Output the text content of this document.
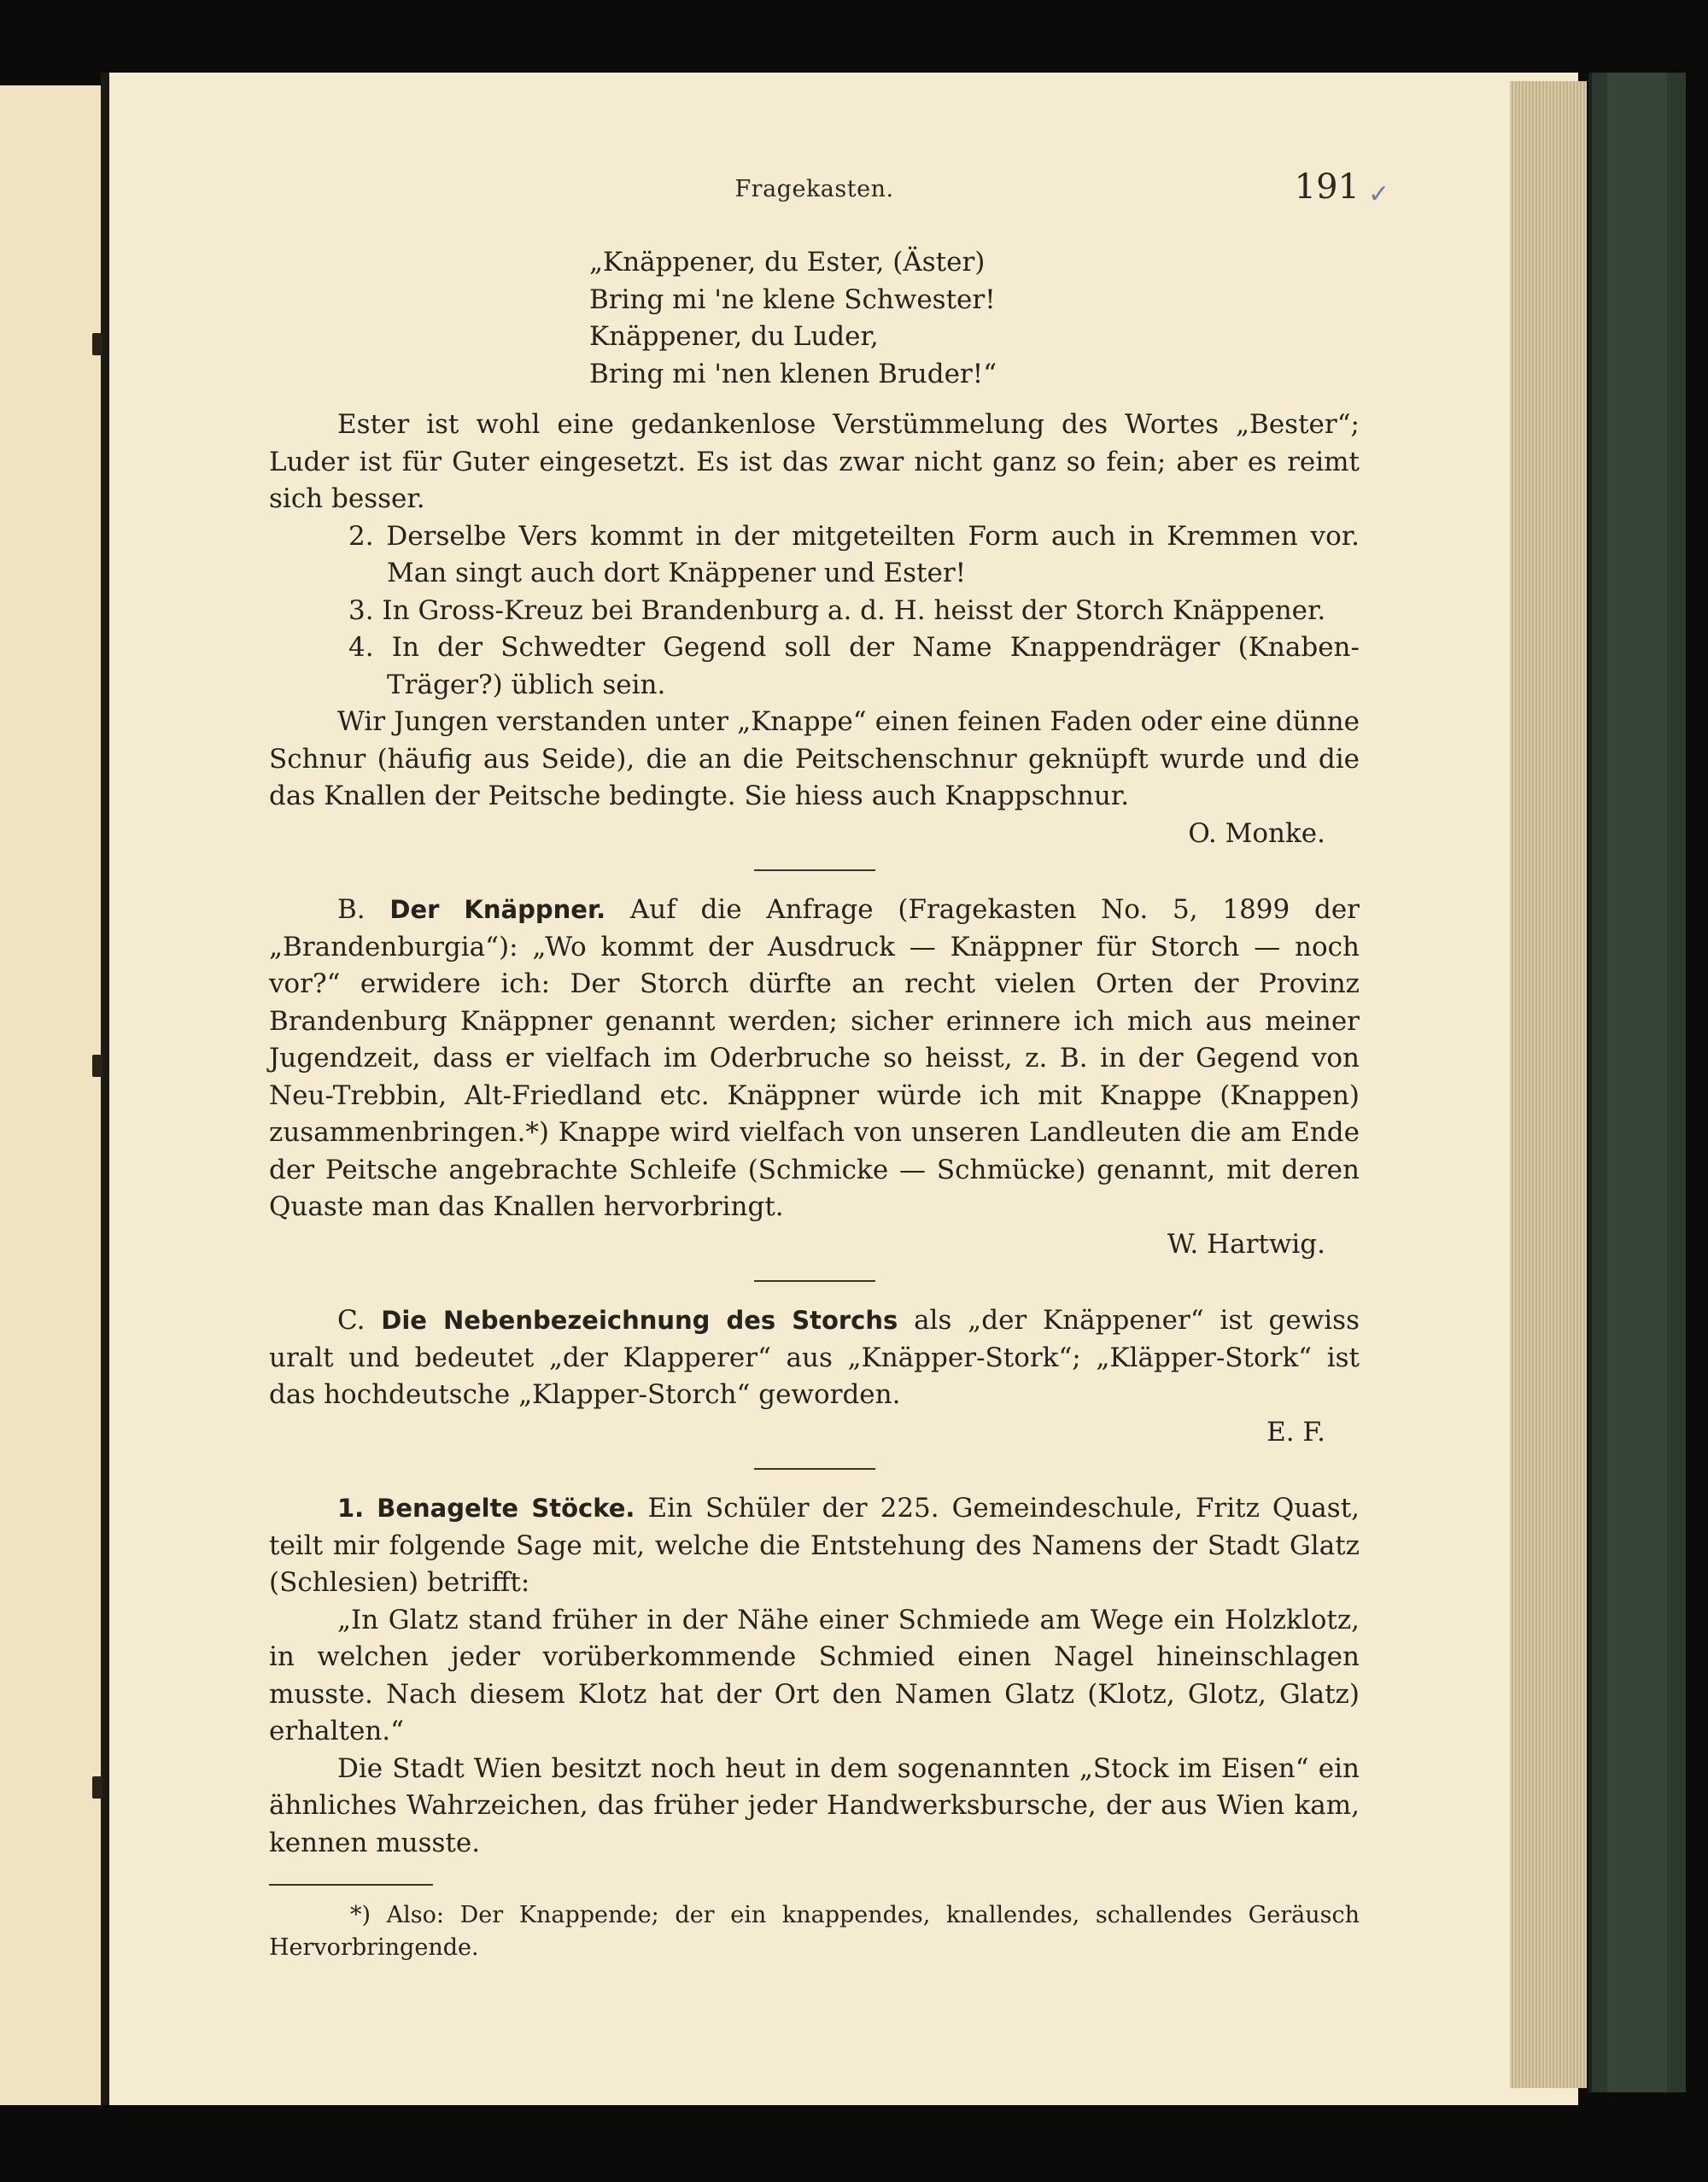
Fragekasten.	191 ✓
„Knäppener, du Ester, (Äster)
Bring mi 'ne klene Schwester!
Knäppener, du Luder,
Bring mi 'nen klenen Bruder!“

Ester ist wohl eine gedankenlose Verstümmelung des Wortes „Bester“; Luder ist für Guter eingesetzt. Es ist das zwar nicht ganz so fein; aber es reimt sich besser.

2. Derselbe Vers kommt in der mitgeteilten Form auch in Kremmen vor. Man singt auch dort Knäppener und Ester!

3. In Gross-Kreuz bei Brandenburg a. d. H. heisst der Storch Knäppener.

4. In der Schwedter Gegend soll der Name Knappendräger (Knaben-Träger?) üblich sein.

Wir Jungen verstanden unter „Knappe“ einen feinen Faden oder eine dünne Schnur (häufig aus Seide), die an die Peitschenschnur geknüpft wurde und die das Knallen der Peitsche bedingte. Sie hiess auch Knappschnur.

O. Monke.

B. Der Knäppner. Auf die Anfrage (Fragekasten No. 5, 1899 der „Brandenburgia“): „Wo kommt der Ausdruck — Knäppner für Storch — noch vor?“ erwidere ich: Der Storch dürfte an recht vielen Orten der Provinz Brandenburg Knäppner genannt werden; sicher erinnere ich mich aus meiner Jugendzeit, dass er vielfach im Oderbruche so heisst, z. B. in der Gegend von Neu-Trebbin, Alt-Friedland etc. Knäppner würde ich mit Knappe (Knappen) zusammenbringen.*) Knappe wird vielfach von unseren Landleuten die am Ende der Peitsche angebrachte Schleife (Schmicke — Schmücke) genannt, mit deren Quaste man das Knallen hervorbringt.

W. Hartwig.

C. Die Nebenbezeichnung des Storchs als „der Knäppener“ ist gewiss uralt und bedeutet „der Klapperer“ aus „Knäpper-Stork“; „Kläpper-Stork“ ist das hochdeutsche „Klapper-Storch“ geworden.

E. F.

1. Benagelte Stöcke. Ein Schüler der 225. Gemeindeschule, Fritz Quast, teilt mir folgende Sage mit, welche die Entstehung des Namens der Stadt Glatz (Schlesien) betrifft:

„In Glatz stand früher in der Nähe einer Schmiede am Wege ein Holzklotz, in welchen jeder vorüberkommende Schmied einen Nagel hineinschlagen musste. Nach diesem Klotz hat der Ort den Namen Glatz (Klotz, Glotz, Glatz) erhalten.“

Die Stadt Wien besitzt noch heut in dem sogenannten „Stock im Eisen“ ein ähnliches Wahrzeichen, das früher jeder Handwerksbursche, der aus Wien kam, kennen musste.

*) Also: Der Knappende; der ein knappendes, knallendes, schallendes Geräusch Hervorbringende.
